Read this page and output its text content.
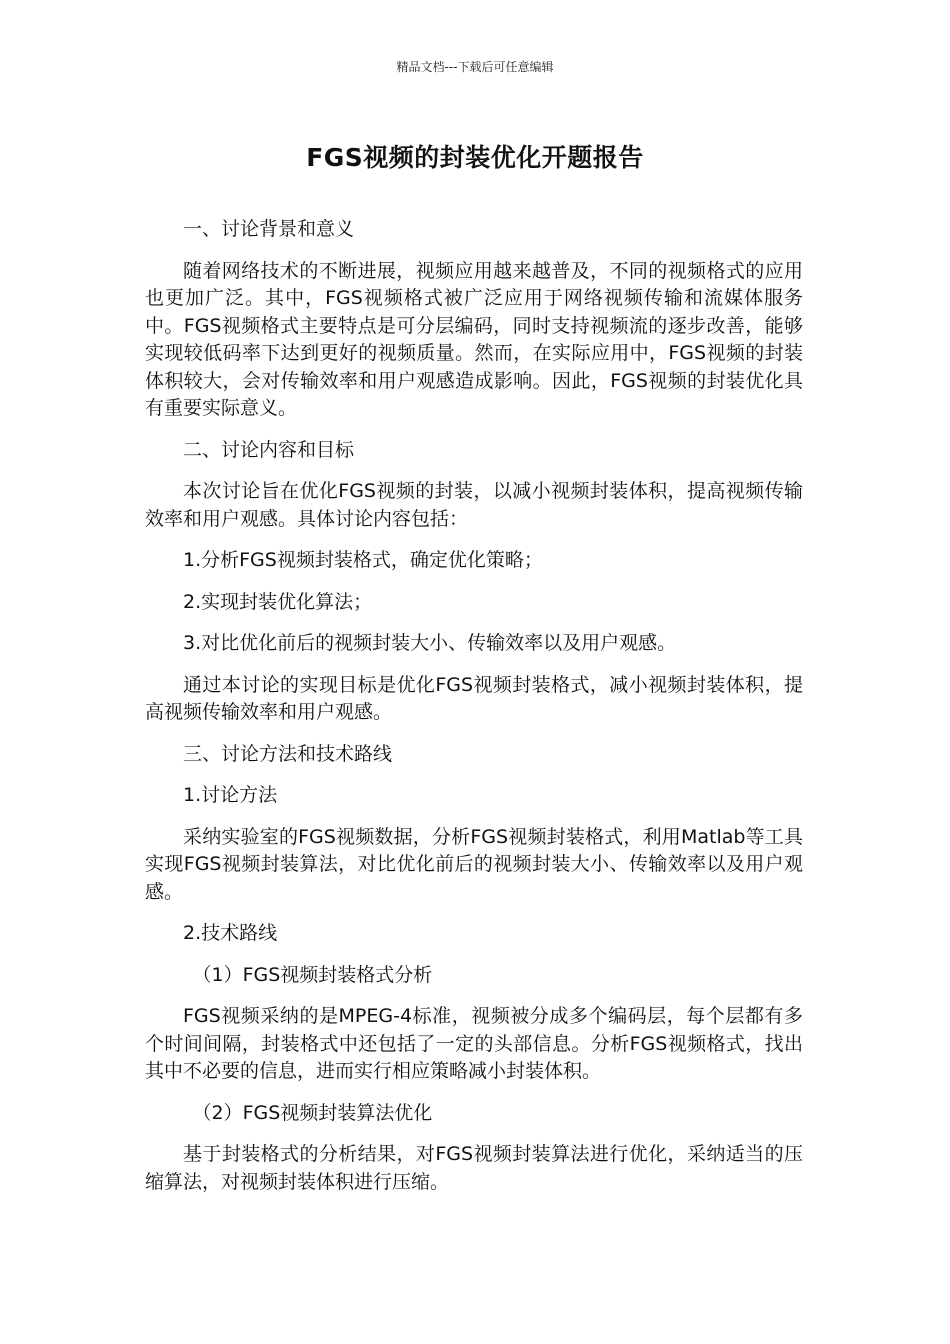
精品文档---下载后可任意编辑
FGS视频的封装优化开题报告

一、讨论背景和意义

随着网络技术的不断进展，视频应用越来越普及，不同的视频格式的应用也更加广泛。其中，FGS视频格式被广泛应用于网络视频传输和流媒体服务中。FGS视频格式主要特点是可分层编码，同时支持视频流的逐步改善，能够实现较低码率下达到更好的视频质量。然而，在实际应用中，FGS视频的封装体积较大，会对传输效率和用户观感造成影响。因此，FGS视频的封装优化具有重要实际意义。

二、讨论内容和目标

本次讨论旨在优化FGS视频的封装，以减小视频封装体积，提高视频传输效率和用户观感。具体讨论内容包括：

1.分析FGS视频封装格式，确定优化策略；

2.实现封装优化算法；

3.对比优化前后的视频封装大小、传输效率以及用户观感。

通过本讨论的实现目标是优化FGS视频封装格式，减小视频封装体积，提高视频传输效率和用户观感。

三、讨论方法和技术路线

1.讨论方法

采纳实验室的FGS视频数据，分析FGS视频封装格式，利用Matlab等工具实现FGS视频封装算法，对比优化前后的视频封装大小、传输效率以及用户观感。

2.技术路线

（1）FGS视频封装格式分析

FGS视频采纳的是MPEG-4标准，视频被分成多个编码层，每个层都有多个时间间隔，封装格式中还包括了一定的头部信息。分析FGS视频格式，找出其中不必要的信息，进而实行相应策略减小封装体积。

（2）FGS视频封装算法优化

基于封装格式的分析结果，对FGS视频封装算法进行优化，采纳适当的压缩算法，对视频封装体积进行压缩。
